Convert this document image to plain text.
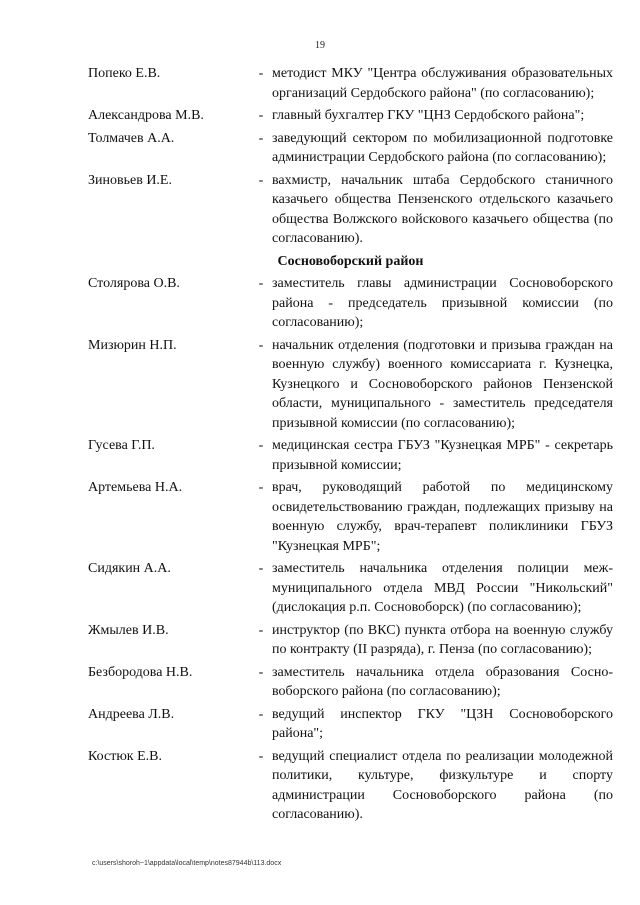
19
Попеко Е.В.	- методист МКУ "Центра обслуживания образовательных организаций Сердобского района" (по согласованию);
Александрова М.В.	- главный бухгалтер ГКУ "ЦНЗ Сердобского района";
Толмачев А.А.	- заведующий сектором по мобилизационной подготовке администрации Сердобского района (по согласованию);
Зиновьев И.Е.	- вахмистр, начальник штаба Сердобского станичного казачьего общества Пензенского отдельского казачьего общества Волжского войскового казачьего общества (по согласованию).
Сосновоборский район
Столярова О.В.	- заместитель главы администрации Сосновоборского района - председатель призывной комиссии (по согласованию);
Мизюрин Н.П.	- начальник отделения (подготовки и призыва граждан на военную службу) военного комиссариата г. Кузнецка, Кузнецкого и Сосновоборского районов Пензенской области, муниципального - заместитель председателя призывной комиссии (по согласованию);
Гусева Г.П.	- медицинская сестра ГБУЗ "Кузнецкая МРБ" - секретарь призывной комиссии;
Артемьева Н.А.	- врач, руководящий работой по медицинскому освидетельствованию граждан, подлежащих призыву на военную службу, врач-терапевт поликлиники ГБУЗ "Кузнецкая МРБ";
Сидякин А.А.	- заместитель начальника отделения полиции межмуниципального отдела МВД России "Никольский" (дислокация р.п. Сосновоборск) (по согласованию);
Жмылев И.В.	- инструктор (по ВКС) пункта отбора на военную службу по контракту (II разряда), г. Пенза (по согласованию);
Безбородова Н.В.	- заместитель начальника отдела образования Сосновоборского района (по согласованию);
Андреева Л.В.	- ведущий инспектор ГКУ "ЦЗН Сосновоборского района";
Костюк Е.В.	- ведущий специалист отдела по реализации молодежной политики, культуре, физкультуре и спорту администрации Сосновоборского района (по согласованию).
c:\users\shoroh~1\appdata\local\temp\notes87944b\113.docx
